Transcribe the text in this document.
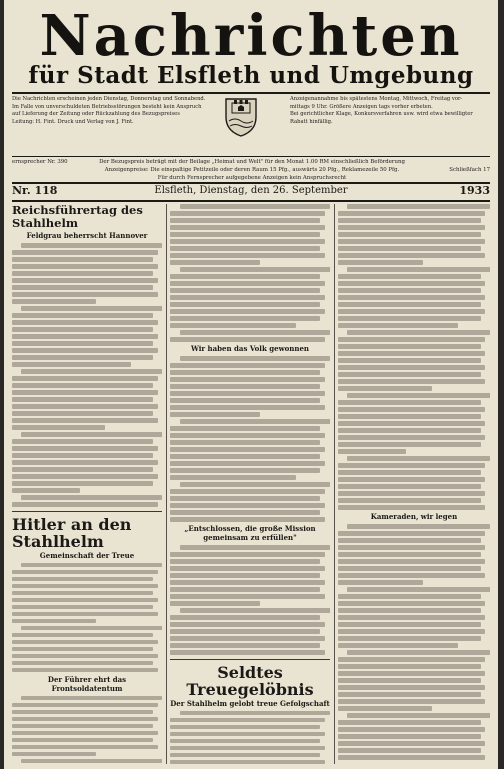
Nachrichten
für Stadt Elsfleth und Umgebung
Die Nachrichten erscheinen jeden Dienstag, Donnerstag und Sonnabend.
Im Falle von unverschuldeten Betriebsstörungen besteht kein Anspruch
auf Lieferung der Zeitung oder Rückzahlung des Bezugspreises
Leitung: H. Fint. Druck und Verlag von J. Fint.
Anzeigenannahme bis spätestens Montag, Mittwoch, Freitag vor-
mittags 9 Uhr. Größere Anzeigen tags vorher erbeten.
Bei gerichtlicher Klage, Konkursverfahren usw. wird etwa bewilligter
Rabatt hinfällig.
ernsprecher Nr. 390	Der Bezugspreis beträgt mit der Beilage „Heimat und Welt" für den Monat 1.00 RM einschließlich Beförderung
Anzeigenpreise: Die einspaltige Petitzeile oder deren Raum 15 Pfg., auswärts 20 Pfg., Reklamezeile 50 Pfg.
Für durch Fernsprecher aufgegebene Anzeigen kein Anspruchsrecht
Schließfach 17
Nr. 118	Elsfleth, Dienstag, den 26. September	1933
Reichsführertag des Stahlhelm
Feldgrau beherrscht Hannover
Hitler an den Stahlhelm
Gemeinschaft der Treue
Der Führer ehrt das Frontsoldatentum
Wir haben das Volk gewonnen
„Entschlossen, die große Mission gemeinsam zu erfüllen"
Seldtes Treuegelöbnis
Der Stahlhelm gelobt treue Gefolgschaft
Kameraden, wir legen
